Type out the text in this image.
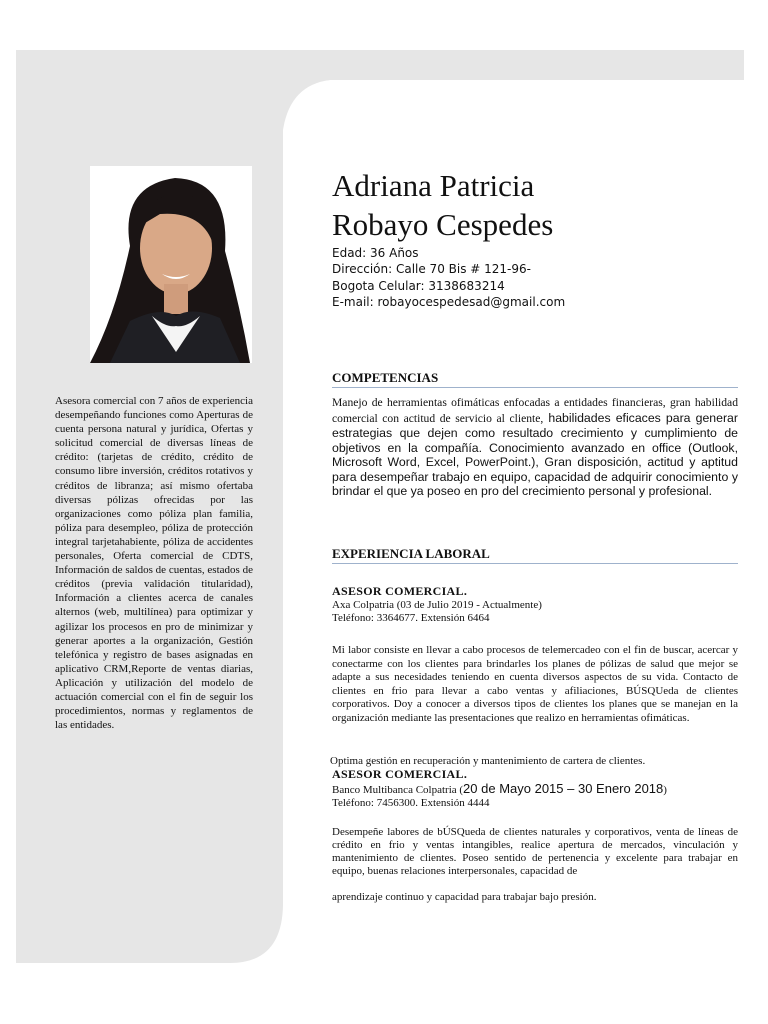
Asesora comercial con 7 años de experiencia desempeñando funciones como Aperturas de cuenta persona natural y jurídica, Ofertas y solicitud comercial de diversas líneas de crédito: (tarjetas de crédito, crédito de consumo libre inversión, créditos rotativos y créditos de libranza; así mismo ofertaba diversas pólizas ofrecidas por las organizaciones como póliza plan familia, póliza para desempleo, póliza de protección integral tarjetahabiente, póliza de accidentes personales, Oferta comercial de CDTS, Información de saldos de cuentas, estados de créditos (previa validación titularidad), Información a clientes acerca de canales alternos (web, multilínea) para optimizar y agilizar los procesos en pro de minimizar y generar aportes a la organización, Gestión telefónica y registro de bases asignadas en aplicativo CRM,Reporte de ventas diarias, Aplicación y utilización del modelo de actuación comercial con el fin de seguir los procedimientos, normas y reglamentos de las entidades.
Adriana Patricia
Robayo Cespedes
Edad: 36 Años
Dirección: Calle 70 Bis # 121-96-
Bogota Celular: 3138683214
E-mail: robayocespedesad@gmail.com
COMPETENCIAS
Manejo de herramientas ofimáticas enfocadas a entidades financieras, gran habilidad comercial con actitud de servicio al cliente, habilidades eficaces para generar estrategias que dejen como resultado crecimiento y cumplimiento de objetivos en la compañía. Conocimiento avanzado en office (Outlook, Microsoft Word, Excel, PowerPoint.), Gran disposición, actitud y aptitud para desempeñar trabajo en equipo, capacidad de adquirir conocimiento y brindar el que ya poseo en pro del crecimiento personal y profesional.
EXPERIENCIA LABORAL
ASESOR COMERCIAL.
Axa Colpatria (03 de Julio 2019 - Actualmente)
Teléfono: 3364677. Extensión 6464
Mi labor consiste en llevar a cabo procesos de telemercadeo con el fin de buscar, acercar y conectarme con los clientes para brindarles los planes de pólizas de salud que mejor se adapte a sus necesidades teniendo en cuenta diversos aspectos de su vida. Contacto de clientes en frio para llevar a cabo ventas y afiliaciones, BÚSQUeda de clientes corporativos. Doy a conocer a diversos tipos de clientes los planes que se manejan en la organización mediante las presentaciones que realizo en herramientas ofimáticas.
Optima gestión en recuperación y mantenimiento de cartera de clientes.
ASESOR COMERCIAL.
Banco Multibanca Colpatria (20 de Mayo 2015 – 30 Enero 2018)
Teléfono: 7456300. Extensión 4444
Desempeñe labores de bÚSQueda de clientes naturales y corporativos, venta de líneas de crédito en frio y ventas intangibles, realice apertura de mercados, vinculación y mantenimiento de clientes. Poseo sentido de pertenencia y excelente para trabajar en equipo, buenas relaciones interpersonales, capacidad de
aprendizaje continuo y capacidad para trabajar bajo presión.
